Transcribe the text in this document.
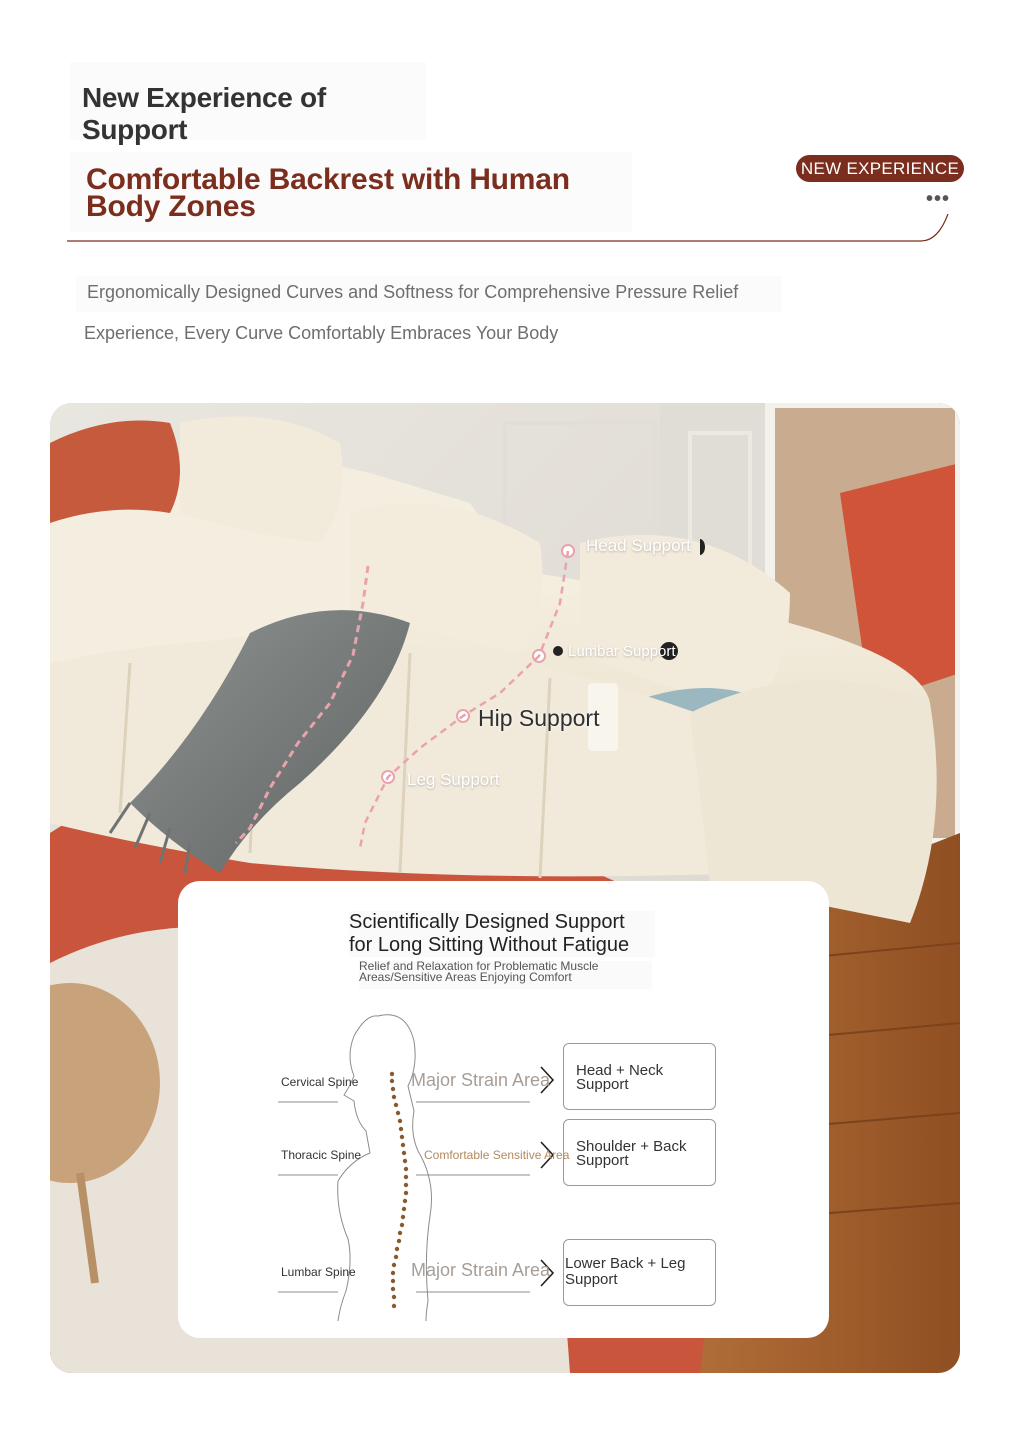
New Experience of Support
Comfortable Backrest with Human
Body Zones
NEW EXPERIENCE
•••
Ergonomically Designed Curves and Softness for Comprehensive Pressure Relief
Experience, Every Curve Comfortably Embraces Your Body
Head Support
Lumbar Support
Hip Support
Leg Support
Scientifically Designed Support
for Long Sitting Without Fatigue
Relief and Relaxation for Problematic Muscle
Areas/Sensitive Areas Enjoying Comfort
Cervical Spine
Thoracic Spine
Lumbar Spine
Major Strain Area
Comfortable Sensitive Area
Major Strain Area
Head + Neck
Support
Shoulder + Back
Support
Lower Back + Leg
Support
